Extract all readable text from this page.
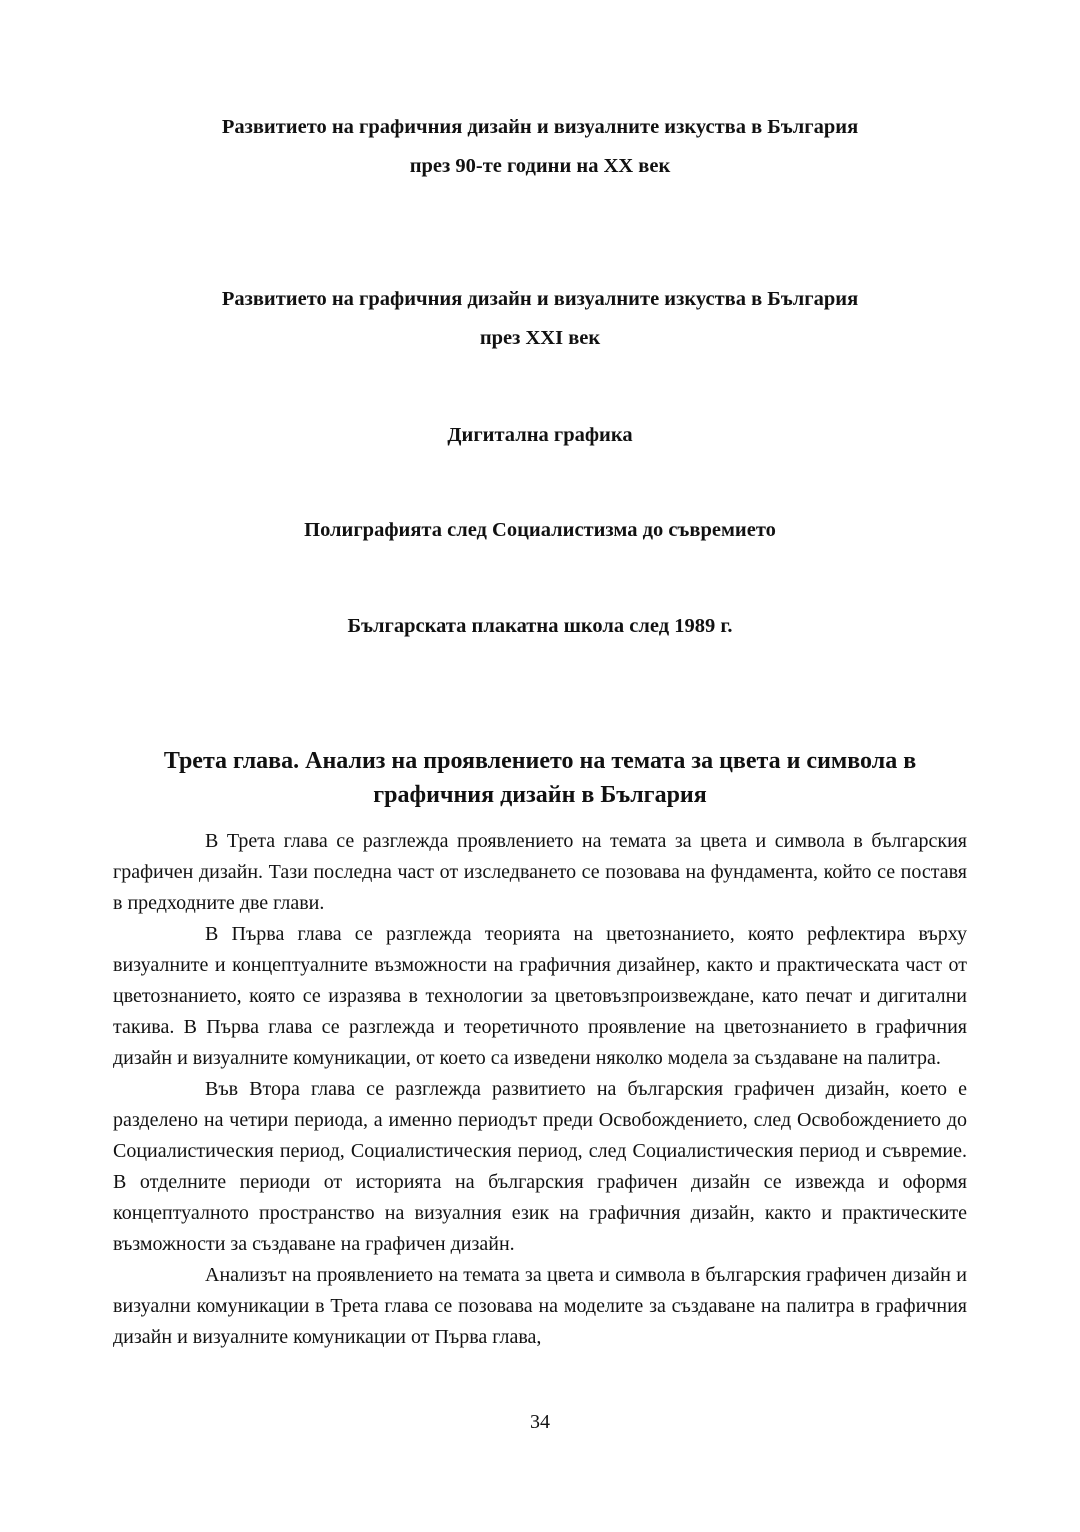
Развитието на графичния дизайн и визуалните изкуства в България
през 90-те години на XX век
Развитието на графичния дизайн и визуалните изкуства в България
през XXI век
Дигитална графика
Полиграфията след Социалистизма до съвремието
Българската плакатна школа след 1989 г.
Трета глава. Анализ на проявлението на темата за цвета и символа в
графичния дизайн в България

В Трета глава се разглежда проявлението на темата за цвета и символа в българския графичен дизайн. Тази последна част от изследването се позовава на фундамента, който се поставя в предходните две глави.

В Първа глава се разглежда теорията на цветознанието, която рефлектира върху визуалните и концептуалните възможности на графичния дизайнер, както и практическата част от цветознанието, която се изразява в технологии за цветовъзпроизвеждане, като печат и дигитални такива. В Първа глава се разглежда и теоретичното проявление на цветознанието в графичния дизайн и визуалните комуникации, от което са изведени няколко модела за създаване на палитра.

Във Втора глава се разглежда развитието на българския графичен дизайн, което е разделено на четири периода, а именно периодът преди Освобождението, след Освобождението до Социалистическия период, Социалистическия период, след Социалистическия период и съвремие. В отделните периоди от историята на българския графичен дизайн се извежда и оформя концептуалното пространство на визуалния език на графичния дизайн, както и практическите възможности за създаване на графичен дизайн.

Анализът на проявлението на темата за цвета и символа в българския графичен дизайн и визуални комуникации в Трета глава се позовава на моделите за създаване на палитра в графичния дизайн и визуалните комуникации от Първа глава,

34
